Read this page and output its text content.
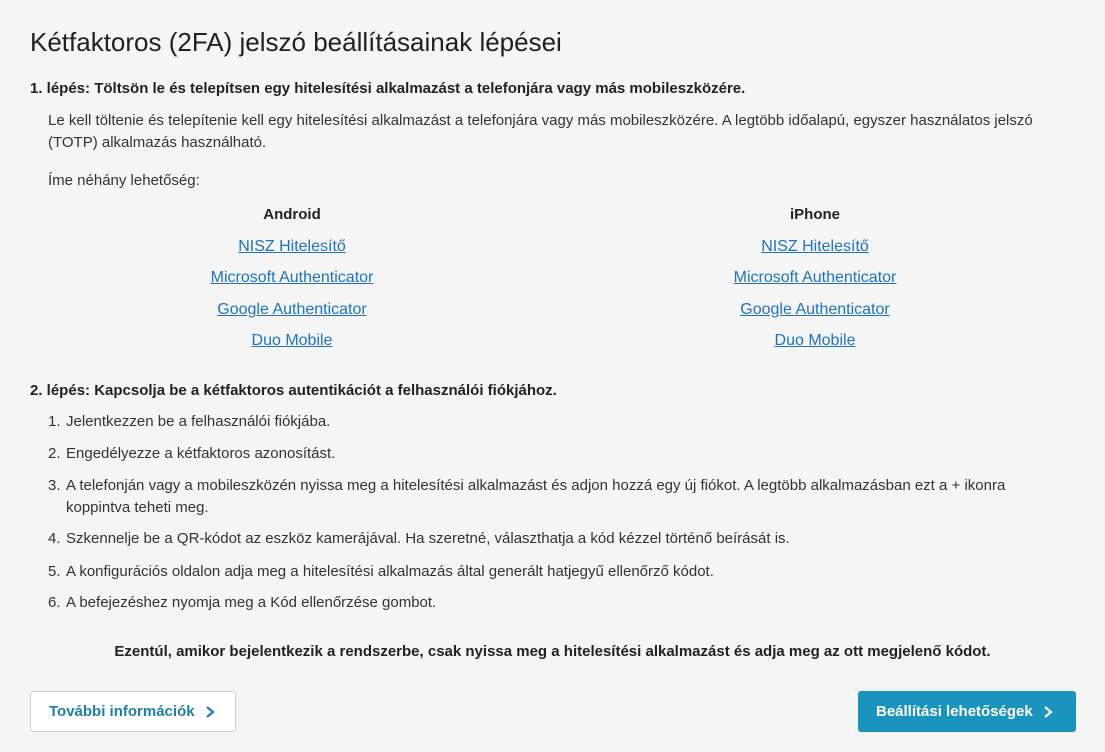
Kétfaktoros (2FA) jelszó beállításainak lépései
1. lépés: Töltsön le és telepítsen egy hitelesítési alkalmazást a telefonjára vagy más mobileszközére.
Le kell töltenie és telepítenie kell egy hitelesítési alkalmazást a telefonjára vagy más mobileszközére. A legtöbb időalapú, egyszer használatos jelszó (TOTP) alkalmazás használható.
Íme néhány lehetőség:
Android
NISZ Hitelesítő
Microsoft Authenticator
Google Authenticator
Duo Mobile
iPhone
NISZ Hitelesítő
Microsoft Authenticator
Google Authenticator
Duo Mobile
2. lépés: Kapcsolja be a kétfaktoros autentikációt a felhasználói fiókjához.
1. Jelentkezzen be a felhasználói fiókjába.
2. Engedélyezze a kétfaktoros azonosítást.
3. A telefonján vagy a mobileszközén nyissa meg a hitelesítési alkalmazást és adjon hozzá egy új fiókot. A legtöbb alkalmazásban ezt a + ikonra koppintva teheti meg.
4. Szkennelje be a QR-kódot az eszköz kamerájával. Ha szeretné, választhatja a kód kézzel történő beírását is.
5. A konfigurációs oldalon adja meg a hitelesítési alkalmazás által generált hatjegyű ellenőrző kódot.
6. A befejezéshez nyomja meg a Kód ellenőrzése gombot.
Ezentúl, amikor bejelentkezik a rendszerbe, csak nyissa meg a hitelesítési alkalmazást és adja meg az ott megjelenő kódot.
További információk	Beállítási lehetőségek
